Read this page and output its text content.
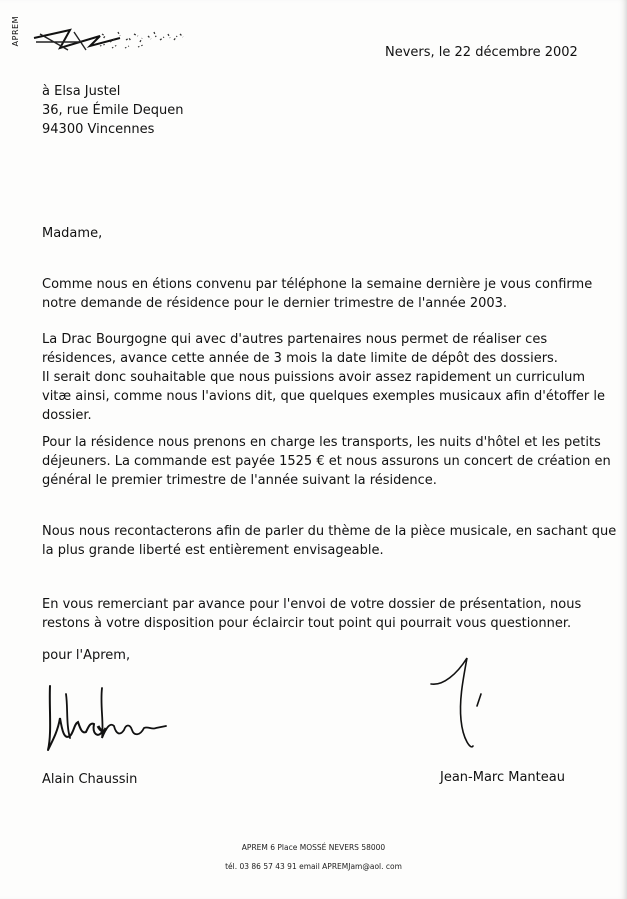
APREM
Nevers, le 22 décembre 2002
à Elsa Justel
36, rue Émile Dequen
94300 Vincennes
Madame,
Comme nous en étions convenu par téléphone la semaine dernière je vous confirme
notre demande de résidence pour le dernier trimestre de l'année 2003.
La Drac Bourgogne qui avec d'autres partenaires nous permet de réaliser ces
résidences, avance cette année de 3 mois la date limite de dépôt des dossiers.
Il serait donc souhaitable que nous puissions avoir assez rapidement un curriculum
vitæ ainsi, comme nous l'avions dit, que quelques exemples musicaux afin d'étoffer le
dossier.
Pour la résidence nous prenons en charge les transports, les nuits d'hôtel et les petits
déjeuners. La commande est payée 1525 € et nous assurons un concert de création en
général le premier trimestre de l'année suivant la résidence.
Nous nous recontacterons afin de parler du thème de la pièce musicale, en sachant que
la plus grande liberté est entièrement envisageable.
En vous remerciant par avance pour l'envoi de votre dossier de présentation, nous
restons à votre disposition pour éclaircir tout point qui pourrait vous questionner.
pour l'Aprem,
Alain Chaussin	Jean-Marc Manteau
APREM 6 Place MOSSÉ NEVERS 58000
tél. 03 86 57 43 91 email APREMJam@aol. com
